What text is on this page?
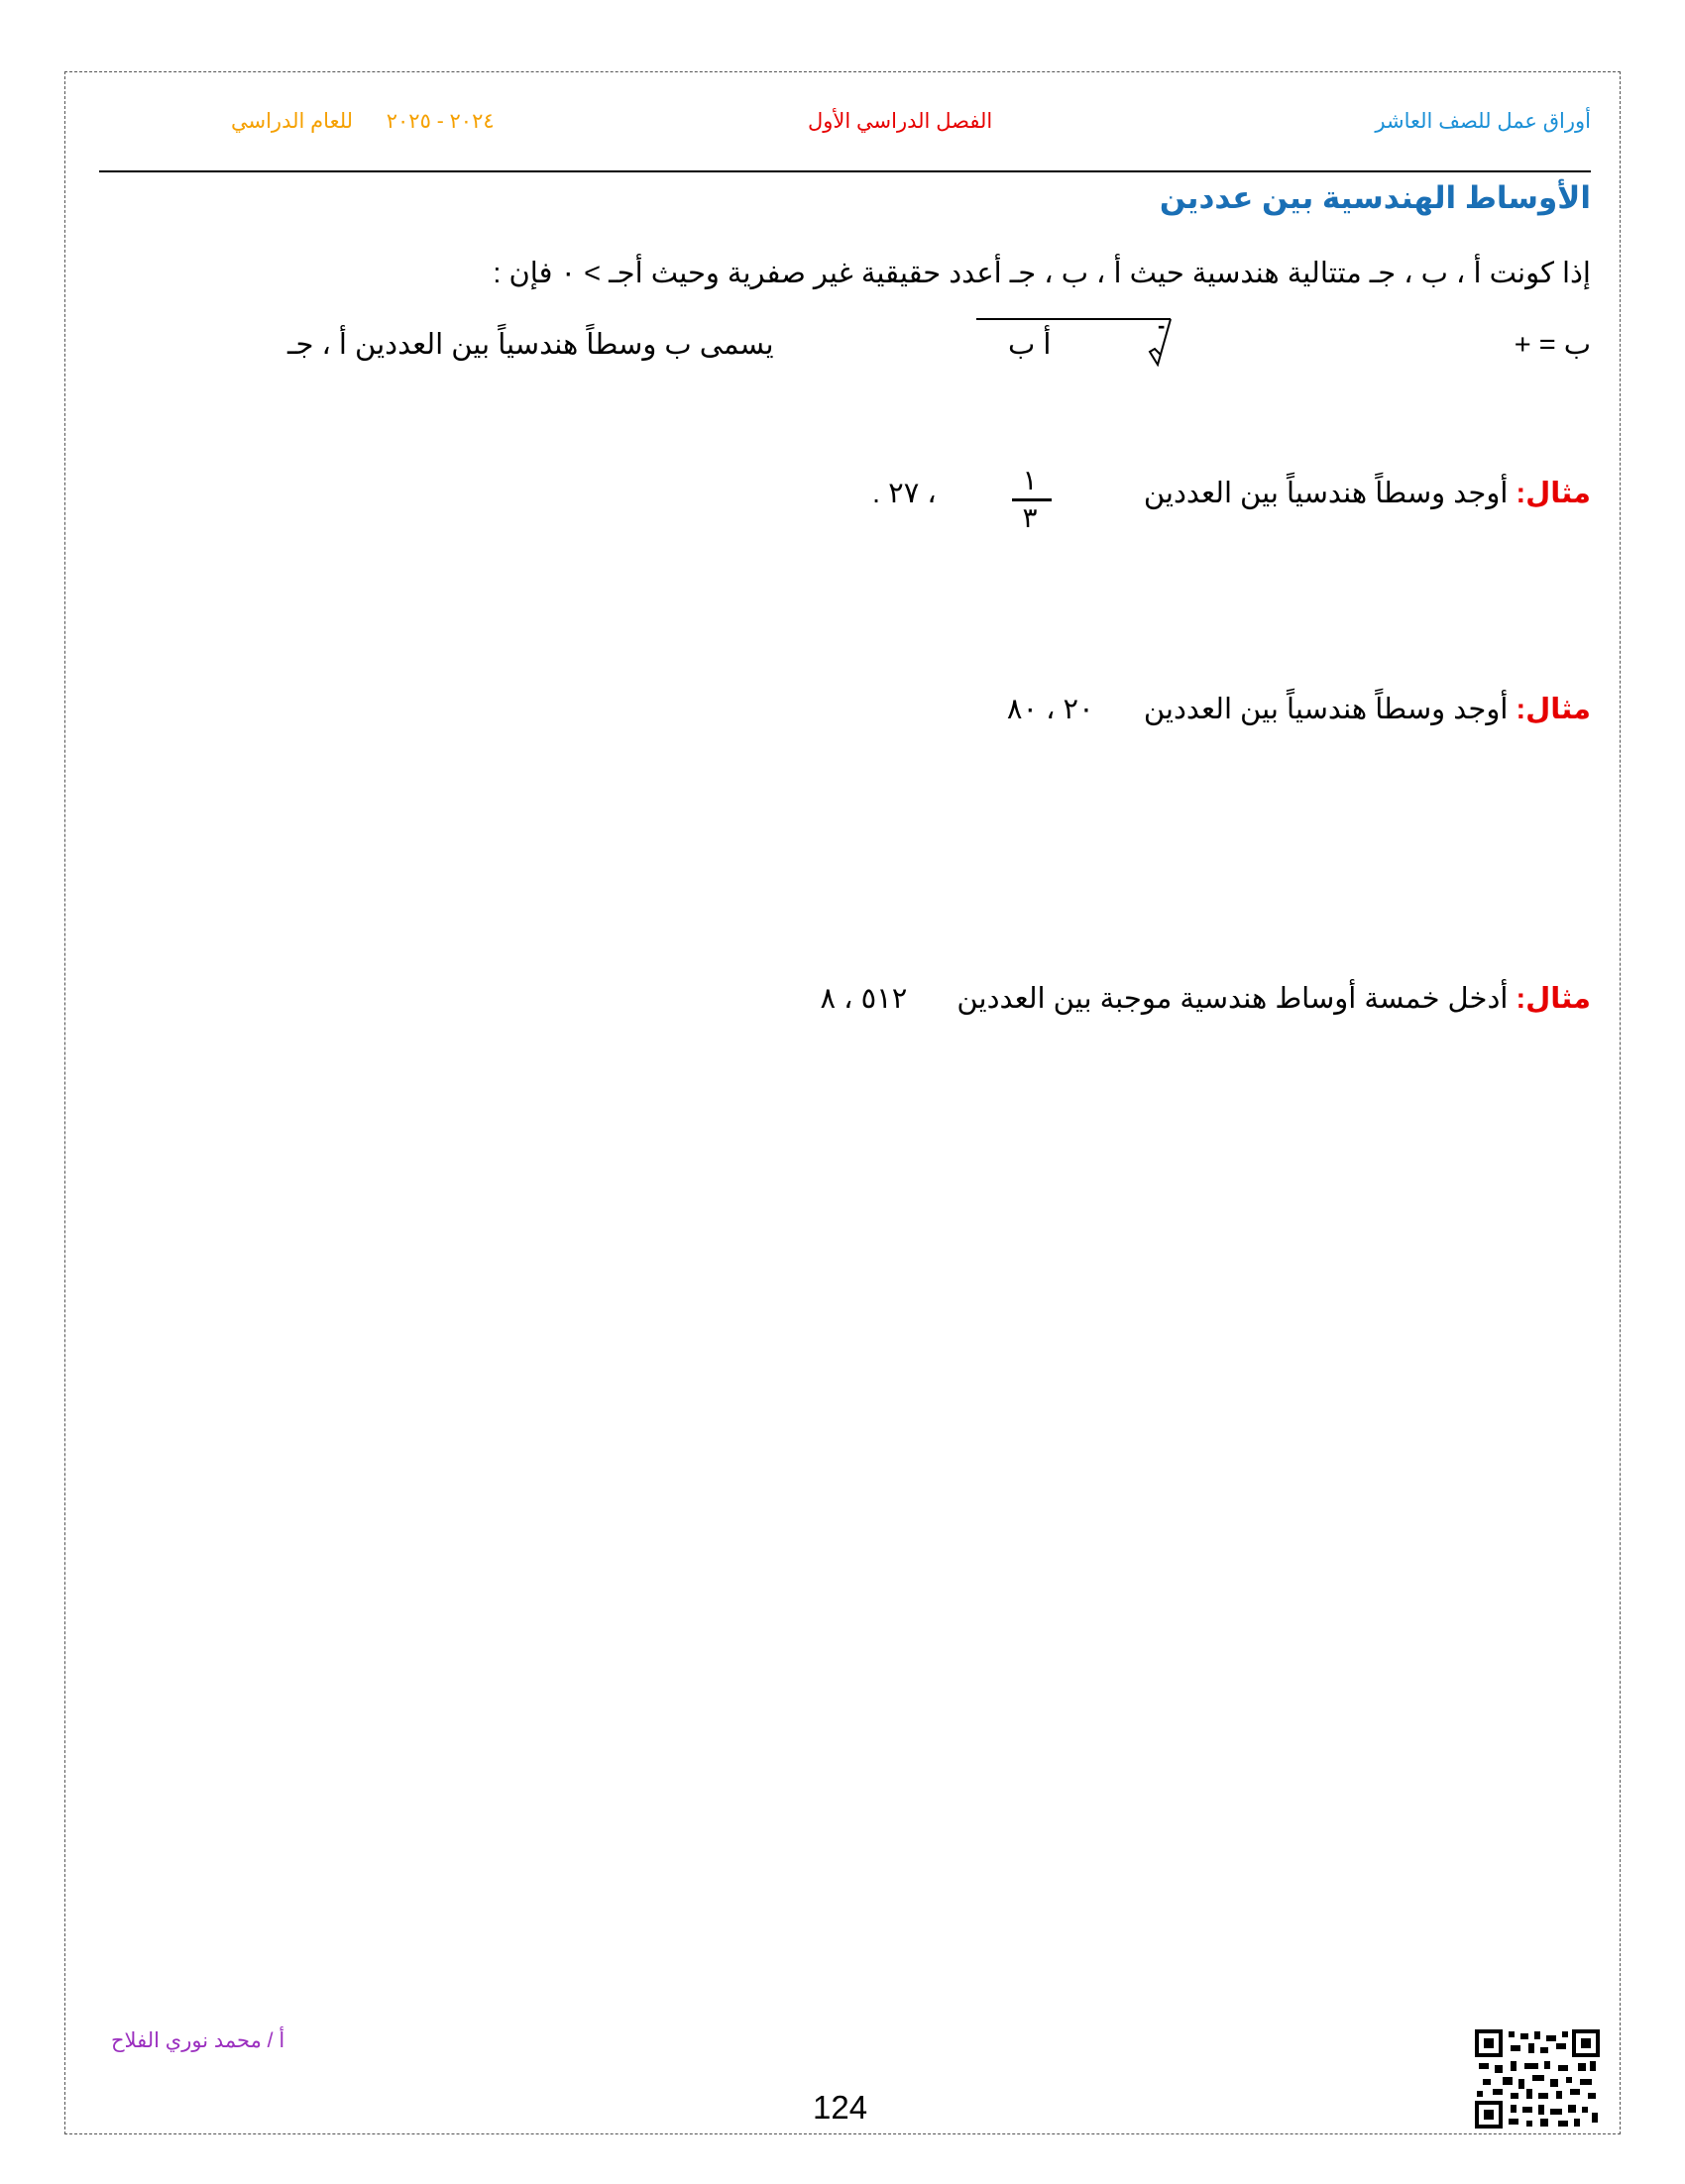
أوراق عمل للصف العاشر
الفصل الدراسي الأول
٢٠٢٤ - ٢٠٢٥  للعام الدراسي
الأوساط الهندسية بين عددين
إذا كونت أ ، ب ، جـ متتالية هندسية حيث أ ، ب ، جـ أعدد حقيقية غير صفرية وحيث أجـ > ٠ فإن :
ب = +
-
أ ب
يسمى ب وسطاً هندسياً بين العددين أ ، جـ
مثال: أوجد وسطاً هندسياً بين العددين
١
٣
، ٢٧ .
مثال: أوجد وسطاً هندسياً بين العددين  ٢٠ ، ٨٠
مثال: أدخل خمسة أوساط هندسية موجبة بين العددين  ٥١٢ ، ٨
أ / محمد نوري الفلاح
124
